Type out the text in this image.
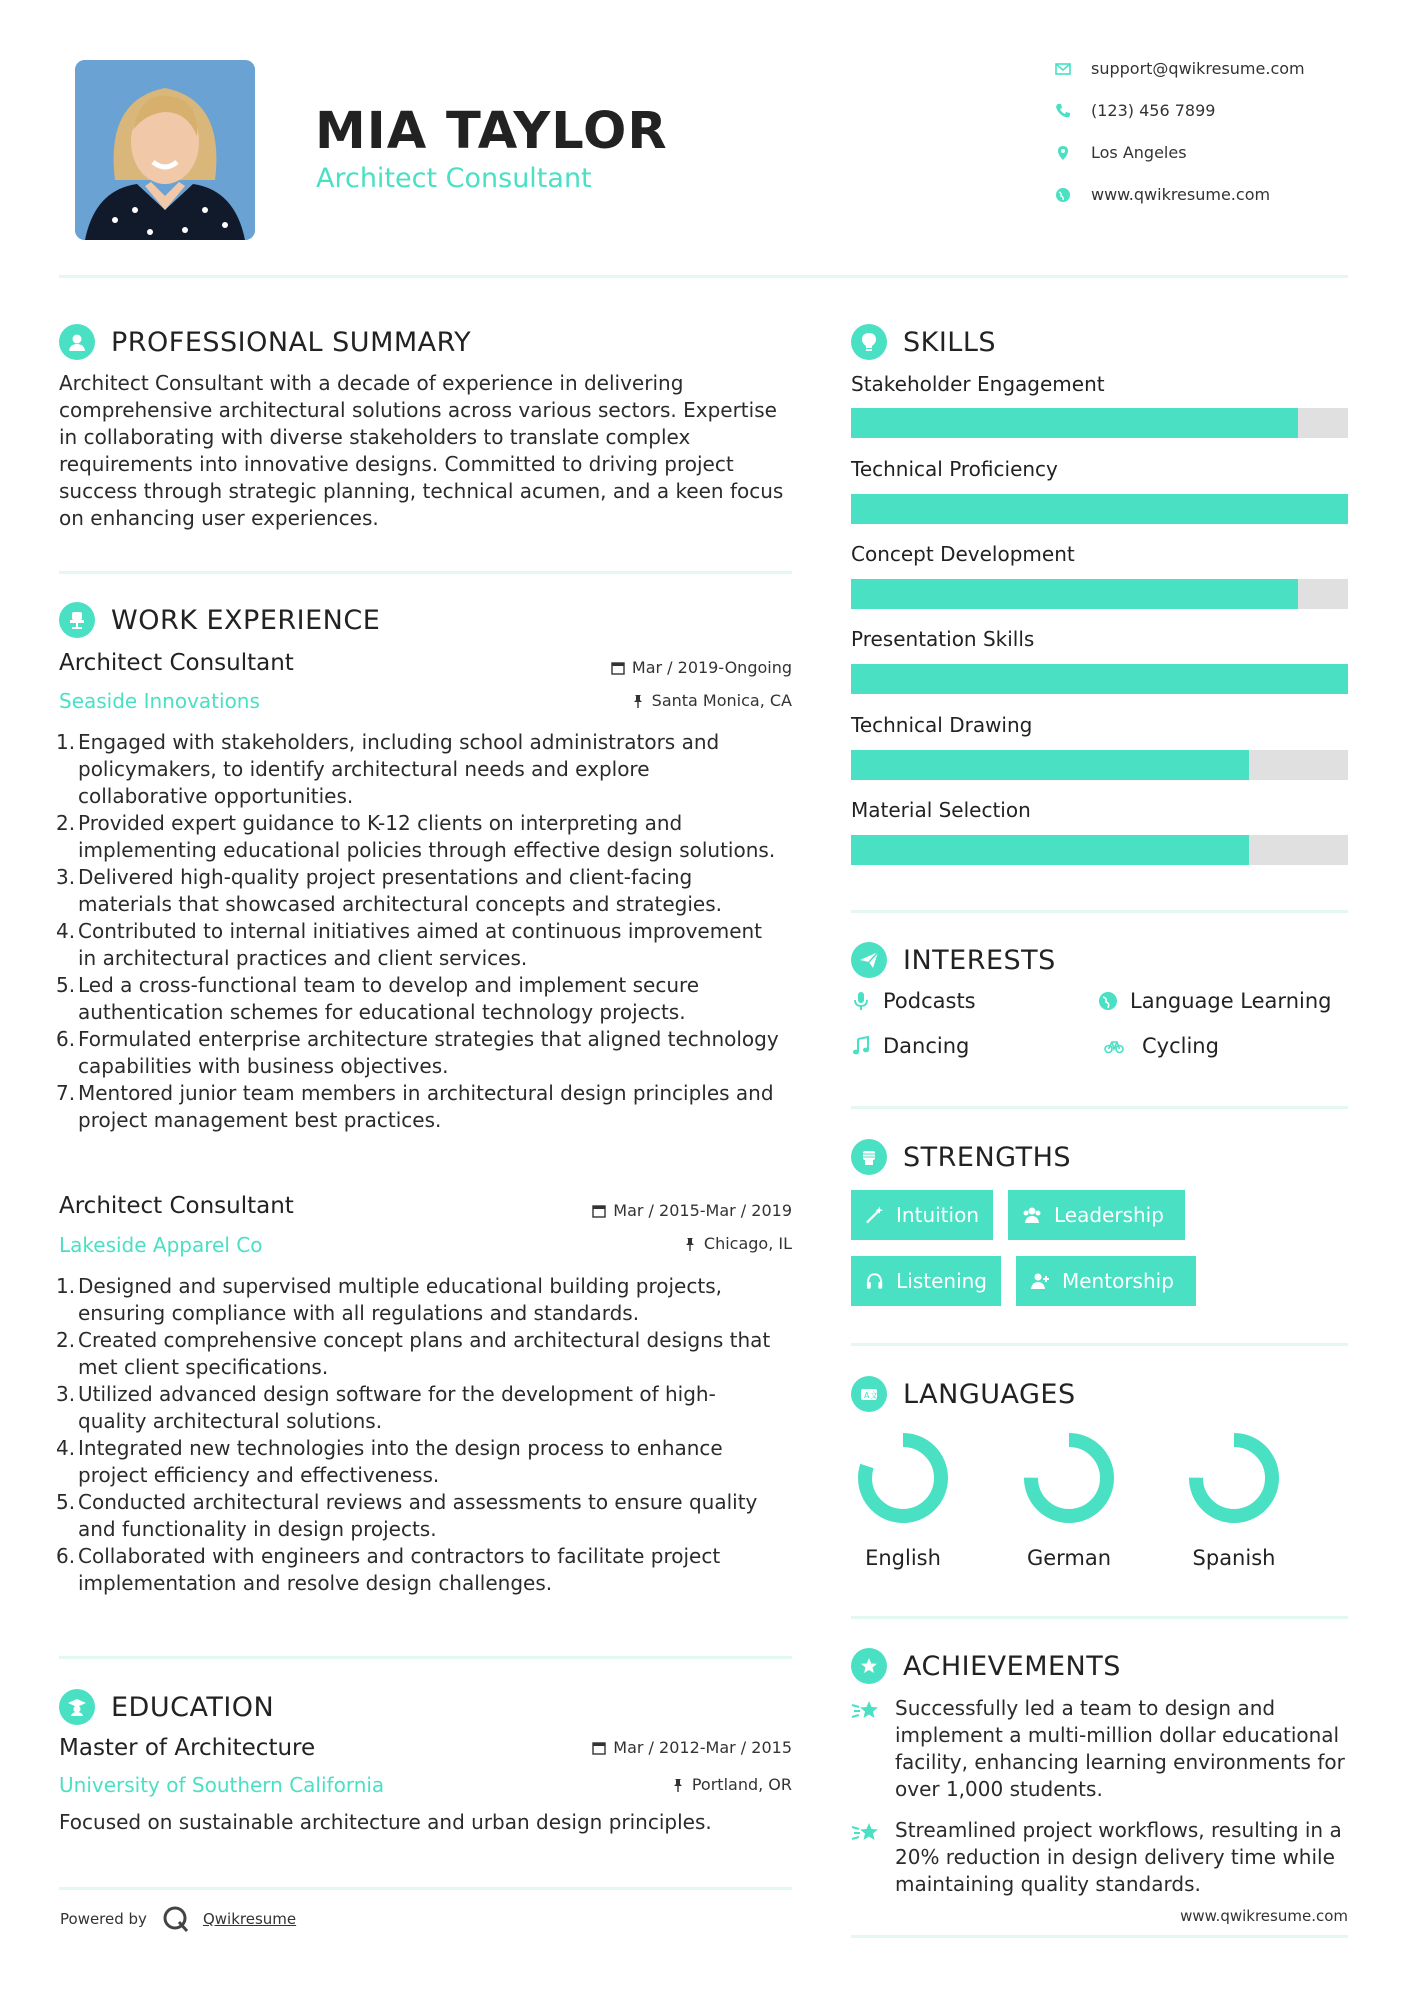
MIA TAYLOR
Architect Consultant
support@qwikresume.com
(123) 456 7899
Los Angeles
www.qwikresume.com
PROFESSIONAL SUMMARY
Architect Consultant with a decade of experience in delivering comprehensive architectural solutions across various sectors. Expertise in collaborating with diverse stakeholders to translate complex requirements into innovative designs. Committed to driving project success through strategic planning, technical acumen, and a keen focus on enhancing user experiences.
WORK EXPERIENCE
Architect Consultant	Mar / 2019-Ongoing
Seaside Innovations	Santa Monica, CA
Engaged with stakeholders, including school administrators and policymakers, to identify architectural needs and explore collaborative opportunities.
Provided expert guidance to K-12 clients on interpreting and implementing educational policies through effective design solutions.
Delivered high-quality project presentations and client-facing materials that showcased architectural concepts and strategies.
Contributed to internal initiatives aimed at continuous improvement in architectural practices and client services.
Led a cross-functional team to develop and implement secure authentication schemes for educational technology projects.
Formulated enterprise architecture strategies that aligned technology capabilities with business objectives.
Mentored junior team members in architectural design principles and project management best practices.
Architect Consultant	Mar / 2015-Mar / 2019
Lakeside Apparel Co	Chicago, IL
Designed and supervised multiple educational building projects, ensuring compliance with all regulations and standards.
Created comprehensive concept plans and architectural designs that met client specifications.
Utilized advanced design software for the development of high-quality architectural solutions.
Integrated new technologies into the design process to enhance project efficiency and effectiveness.
Conducted architectural reviews and assessments to ensure quality and functionality in design projects.
Collaborated with engineers and contractors to facilitate project implementation and resolve design challenges.
EDUCATION
Master of Architecture	Mar / 2012-Mar / 2015
University of Southern California	Portland, OR
Focused on sustainable architecture and urban design principles.
Powered by	Qwikresume
SKILLS
Stakeholder Engagement
Technical Proficiency
Concept Development
Presentation Skills
Technical Drawing
Material Selection
INTERESTS
Podcasts	Language Learning
Dancing	Cycling
STRENGTHS
Intuition	Leadership
Listening	Mentorship
A 文 LANGUAGES
English	German	Spanish
ACHIEVEMENTS

Successfully led a team to design and implement a multi-million dollar educational facility, enhancing learning environments for over 1,000 students.

Streamlined project workflows, resulting in a 20% reduction in design delivery time while maintaining quality standards.

www.qwikresume.com
